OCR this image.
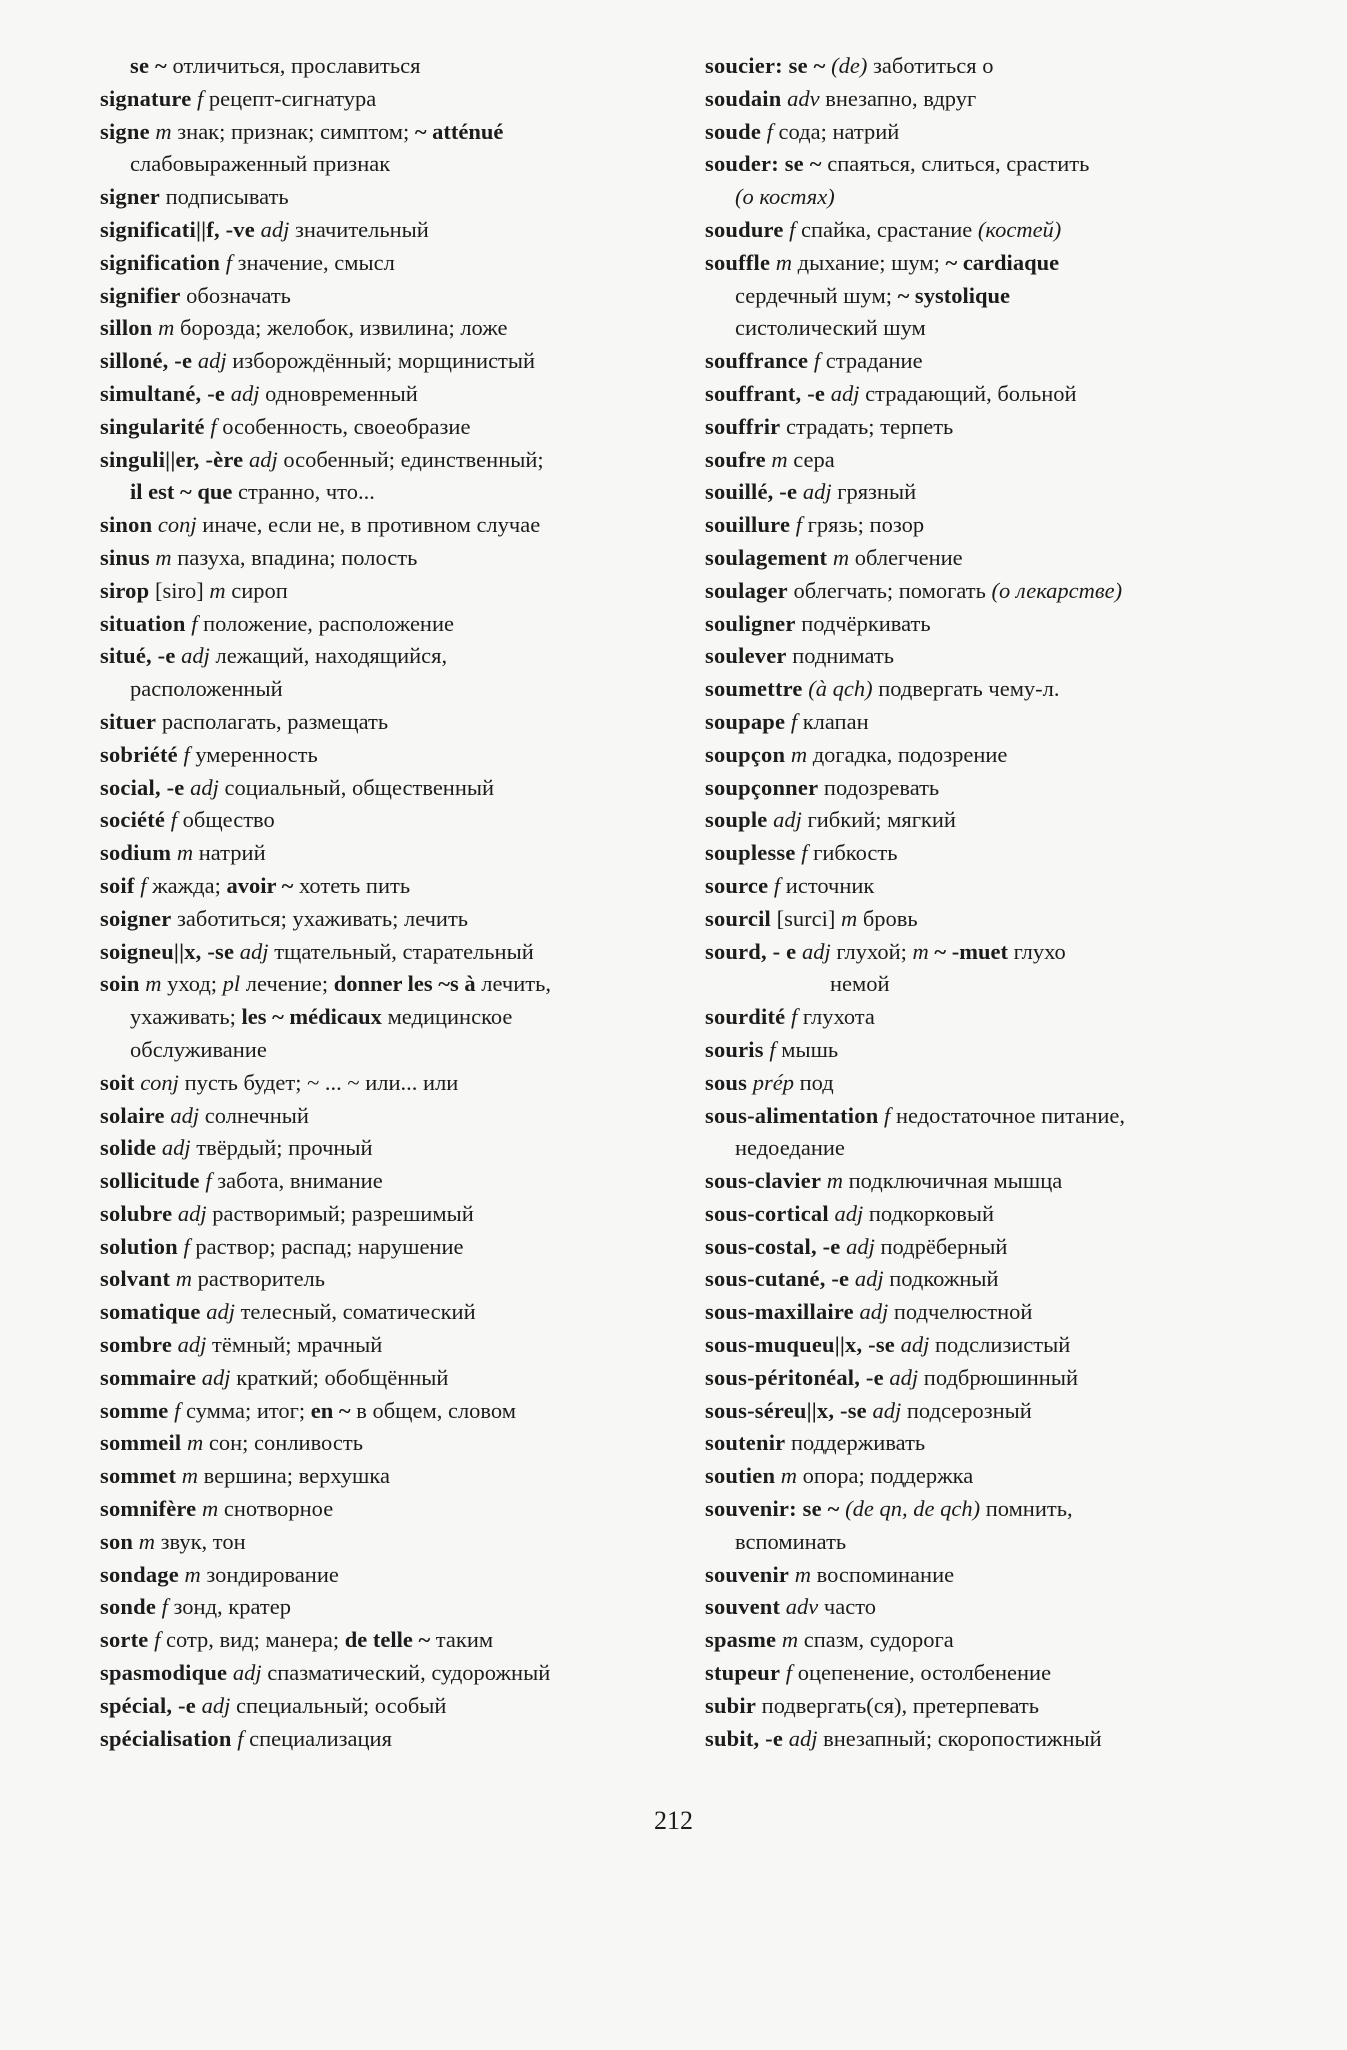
se ~ отличиться, прославиться
signature f рецепт-сигнатура
signe m знак; признак; симптом; ~ atténué
слабовыраженный признак
signer подписывать
significati||f, -ve adj значительный
signification f значение, смысл
signifier обозначать
sillon m борозда; желобок, извилина; ложе
silloné, -e adj изборождённый; морщинистый
simultané, -e adj одновременный
singularité f особенность, своеобразие
singuli||er, -ère adj особенный; единственный;
il est ~ que странно, что...
sinon conj иначе, если не, в противном случае
sinus m пазуха, впадина; полость
sirop [siro] m сироп
situation f положение, расположение
situé, -e adj лежащий, находящийся,
расположенный
situer располагать, размещать
sobriété f умеренность
social, -e adj социальный, общественный
société f общество
sodium m натрий
soif f жажда; avoir ~ хотеть пить
soigner заботиться; ухаживать; лечить
soigneu||x, -se adj тщательный, старательный
soin m уход; pl лечение; donner les ~s à лечить,
ухаживать; les ~ médicaux медицинское
обслуживание
soit conj пусть будет; ~ ... ~ или... или
solaire adj солнечный
solide adj твёрдый; прочный
sollicitude f забота, внимание
solubre adj растворимый; разрешимый
solution f раствор; распад; нарушение
solvant m растворитель
somatique adj телесный, соматический
sombre adj тёмный; мрачный
sommaire adj краткий; обобщённый
somme f сумма; итог; en ~ в общем, словом
sommeil m сон; сонливость
sommet m вершина; верхушка
somnifère m снотворное
son m звук, тон
sondage m зондирование
sonde f зонд, кратер
sorte f сотр, вид; манера; de telle ~ таким
spasmodique adj спазматический, судорожный
spécial, -e adj специальный; особый
spécialisation f специализация
soucier: se ~ (de) заботиться о
soudain adv внезапно, вдруг
soude f сода; натрий
souder: se ~ спаяться, слиться, срастить
(о костях)
soudure f спайка, срастание (костей)
souffle m дыхание; шум; ~ cardiaque
сердечный шум; ~ systolique
систолический шум
souffrance f страдание
souffrant, -e adj страдающий, больной
souffrir страдать; терпеть
soufre m сера
souillé, -e adj грязный
souillure f грязь; позор
soulagement m облегчение
soulager облегчать; помогать (о лекарстве)
souligner подчёркивать
soulever поднимать
soumettre (à qch) подвергать чему-л.
soupape f клапан
soupçon m догадка, подозрение
soupçonner подозревать
souple adj гибкий; мягкий
souplesse f гибкость
source f источник
sourcil [surci] m бровь
sourd, - e adj глухой; m ~ -muet глухо
немой
sourdité f глухота
souris f мышь
sous prép под
sous-alimentation f недостаточное питание,
недоедание
sous-clavier m подключичная мышца
sous-cortical adj подкорковый
sous-costal, -e adj подрёберный
sous-cutané, -e adj подкожный
sous-maxillaire adj подчелюстной
sous-muqueu||x, -se adj подслизистый
sous-péritonéal, -e adj подбрюшинный
sous-séreu||x, -se adj подсерозный
soutenir поддерживать
soutien m опора; поддержка
souvenir: se ~ (de qn, de qch) помнить,
вспоминать
souvenir m воспоминание
souvent adv часто
spasme m спазм, судорога
stupeur f оцепенение, остолбенение
subir подвергать(ся), претерпевать
subit, -e adj внезапный; скоропостижный
212
